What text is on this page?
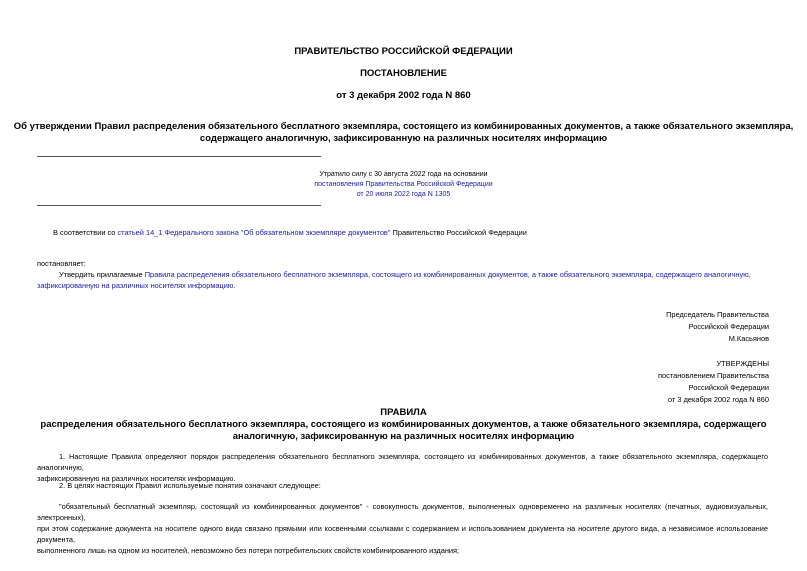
ПРАВИТЕЛЬСТВО РОССИЙСКОЙ ФЕДЕРАЦИИ
ПОСТАНОВЛЕНИЕ
от 3 декабря 2002 года N 860
Об утверждении Правил распределения обязательного бесплатного экземпляра, состоящего из комбинированных документов, а также обязательного экземпляра,
содержащего аналогичную, зафиксированную на различных носителях информацию
Утратило силу с 30 августа 2022 года на основании
постановления Правительства Российской Федерации
от 20 июля 2022 года N 1305
В соответствии со статьей 14_1 Федерального закона "Об обязательном экземпляре документов" Правительство Российской Федерации
постановляет:
Утвердить прилагаемые Правила распределения обязательного бесплатного экземпляра, состоящего из комбинированных документов, а также обязательного экземпляра, содержащего аналогичную,
зафиксированную на различных носителях информацию.
Председатель Правительства
Российской Федерации
М.Касьянов
УТВЕРЖДЕНЫ
постановлением Правительства
Российской Федерации
от 3 декабря 2002 года N 860
ПРАВИЛА
распределения обязательного бесплатного экземпляра, состоящего из комбинированных документов, а также обязательного экземпляра, содержащего
аналогичную, зафиксированную на различных носителях информацию
1. Настоящие Правила определяют порядок распределения обязательного бесплатного экземпляра, состоящего из комбинированных документов, а также обязательного экземпляра, содержащего аналогичную,
зафиксированную на различных носителях информацию.
2. В целях настоящих Правил используемые понятия означают следующее:
"обязательный бесплатный экземпляр, состоящий из комбинированных документов" - совокупность документов, выполненных одновременно на различных носителях (печатных, аудиовизуальных, электронных),
при этом содержание документа на носителе одного вида связано прямыми или косвенными ссылками с содержанием и использованием документа на носителе другого вида, а независимое использование документа,
выполненного лишь на одном из носителей, невозможно без потери потребительских свойств комбинированного издания;
